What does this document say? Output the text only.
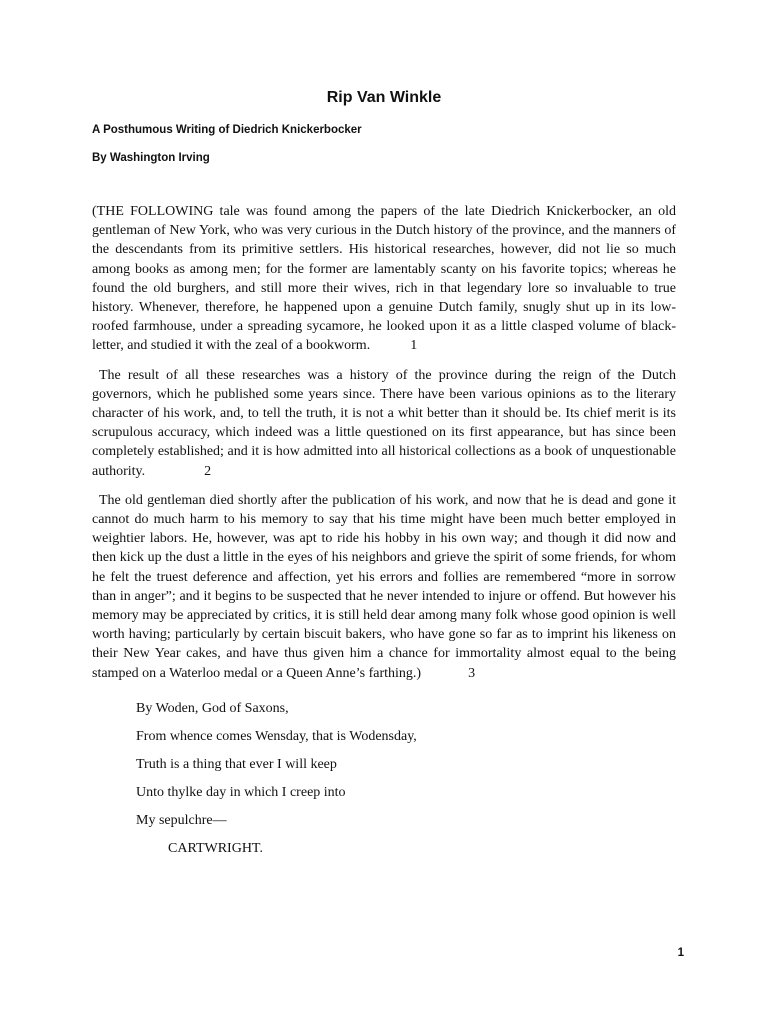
Rip Van Winkle
A Posthumous Writing of Diedrich Knickerbocker
By Washington Irving

(THE FOLLOWING tale was found among the papers of the late Diedrich Knickerbocker, an old gentleman of New York, who was very curious in the Dutch history of the province, and the manners of the descendants from its primitive settlers. His historical researches, however, did not lie so much among books as among men; for the former are lamentably scanty on his favorite topics; whereas he found the old burghers, and still more their wives, rich in that legendary lore so invaluable to true history. Whenever, therefore, he happened upon a genuine Dutch family, snugly shut up in its low-roofed farmhouse, under a spreading sycamore, he looked upon it as a little clasped volume of black-letter, and studied it with the zeal of a bookworm.	1

The result of all these researches was a history of the province during the reign of the Dutch governors, which he published some years since. There have been various opinions as to the literary character of his work, and, to tell the truth, it is not a whit better than it should be. Its chief merit is its scrupulous accuracy, which indeed was a little questioned on its first appearance, but has since been completely established; and it is how admitted into all historical collections as a book of unquestionable authority.	2

The old gentleman died shortly after the publication of his work, and now that he is dead and gone it cannot do much harm to his memory to say that his time might have been much better employed in weightier labors. He, however, was apt to ride his hobby in his own way; and though it did now and then kick up the dust a little in the eyes of his neighbors and grieve the spirit of some friends, for whom he felt the truest deference and affection, yet his errors and follies are remembered “more in sorrow than in anger”; and it begins to be suspected that he never intended to injure or offend. But however his memory may be appreciated by critics, it is still held dear among many folk whose good opinion is well worth having; particularly by certain biscuit bakers, who have gone so far as to imprint his likeness on their New Year cakes, and have thus given him a chance for immortality almost equal to the being stamped on a Waterloo medal or a Queen Anne’s farthing.)	3

By Woden, God of Saxons,
From whence comes Wensday, that is Wodensday,
Truth is a thing that ever I will keep
Unto thylke day in which I creep into
My sepulchre—
CARTWRIGHT.
1
